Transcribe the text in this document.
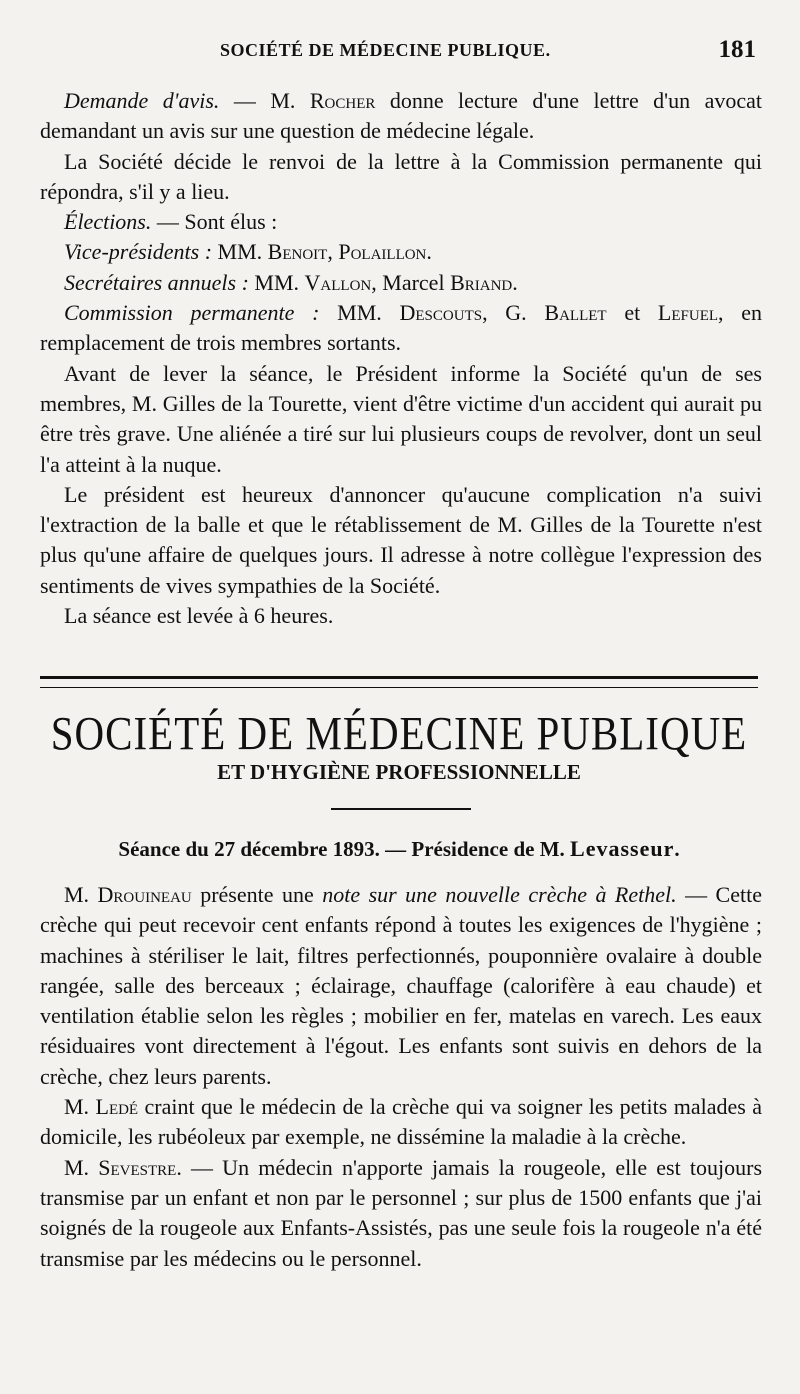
SOCIÉTÉ DE MÉDECINE PUBLIQUE.	181

Demande d'avis. — M. Rocher donne lecture d'une lettre d'un avocat demandant un avis sur une question de médecine légale.

La Société décide le renvoi de la lettre à la Commission permanente qui répondra, s'il y a lieu.

Élections. — Sont élus :

Vice-présidents : MM. Benoit, Polaillon.

Secrétaires annuels : MM. Vallon, Marcel Briand.

Commission permanente : MM. Descouts, G. Ballet et Lefuel, en remplacement de trois membres sortants.

Avant de lever la séance, le Président informe la Société qu'un de ses membres, M. Gilles de la Tourette, vient d'être victime d'un accident qui aurait pu être très grave. Une aliénée a tiré sur lui plusieurs coups de revolver, dont un seul l'a atteint à la nuque.

Le président est heureux d'annoncer qu'aucune complication n'a suivi l'extraction de la balle et que le rétablissement de M. Gilles de la Tourette n'est plus qu'une affaire de quelques jours. Il adresse à notre collègue l'expression des sentiments de vives sympathies de la Société.

La séance est levée à 6 heures.

SOCIÉTÉ DE MÉDECINE PUBLIQUE
ET D'HYGIÈNE PROFESSIONNELLE
Séance du 27 décembre 1893. — Présidence de M. Levasseur.

M. Drouineau présente une note sur une nouvelle crèche à Rethel. — Cette crèche qui peut recevoir cent enfants répond à toutes les exigences de l'hygiène ; machines à stériliser le lait, filtres perfectionnés, pouponnière ovalaire à double rangée, salle des berceaux ; éclairage, chauffage (calorifère à eau chaude) et ventilation établie selon les règles ; mobilier en fer, matelas en varech. Les eaux résiduaires vont directement à l'égout. Les enfants sont suivis en dehors de la crèche, chez leurs parents.

M. Ledé craint que le médecin de la crèche qui va soigner les petits malades à domicile, les rubéoleux par exemple, ne dissémine la maladie à la crèche.

M. Sevestre. — Un médecin n'apporte jamais la rougeole, elle est toujours transmise par un enfant et non par le personnel ; sur plus de 1500 enfants que j'ai soignés de la rougeole aux Enfants-Assistés, pas une seule fois la rougeole n'a été transmise par les médecins ou le personnel.
